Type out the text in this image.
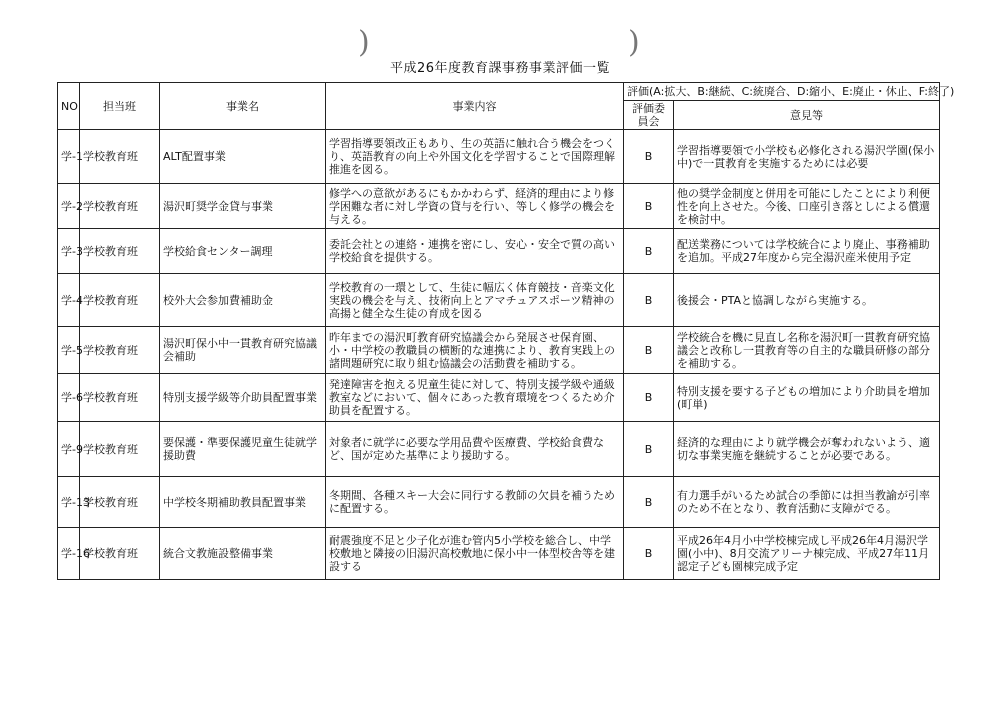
)	)
平成26年度教育課事務事業評価一覧
NO	担当班	事業名	事業内容	評価(A:拡大、B:継続、C:統廃合、D:縮小、E:廃止・休止、F:終了)	
				評価委員会	意見等
学-1	学校教育班	ALT配置事業	学習指導要領改正もあり、生の英語に触れ合う機会をつくり、英語教育の向上や外国文化を学習することで国際理解推進を図る。	B	学習指導要領で小学校も必修化される湯沢学園(保小中)で一貫教育を実施するためには必要
学-2	学校教育班	湯沢町奨学金貸与事業	修学への意欲があるにもかかわらず、経済的理由により修学困難な者に対し学資の貸与を行い、等しく修学の機会を与える。	B	他の奨学金制度と併用を可能にしたことにより利便性を向上させた。今後、口座引き落としによる償還を検討中。
学-3	学校教育班	学校給食センター調理	委託会社との連絡・連携を密にし、安心・安全で質の高い学校給食を提供する。	B	配送業務については学校統合により廃止、事務補助を追加。平成27年度から完全湯沢産米使用予定
学-4	学校教育班	校外大会参加費補助金	学校教育の一環として、生徒に幅広く体育競技・音楽文化実践の機会を与え、技術向上とアマチュアスポーツ精神の高揚と健全な生徒の育成を図る	B	後援会・PTAと協調しながら実施する。
学-5	学校教育班	湯沢町保小中一貫教育研究協議会補助	昨年までの湯沢町教育研究協議会から発展させ保育園、小・中学校の教職員の横断的な連携により、教育実践上の諸問題研究に取り組む協議会の活動費を補助する。	B	学校統合を機に見直し名称を湯沢町一貫教育研究協議会と改称し一貫教育等の自主的な職員研修の部分を補助する。
学-6	学校教育班	特別支援学級等介助員配置事業	発達障害を抱える児童生徒に対して、特別支援学級や通級教室などにおいて、個々にあった教育環境をつくるため介助員を配置する。	B	特別支援を要する子どもの増加により介助員を増加(町単)
学-9	学校教育班	要保護・準要保護児童生徒就学援助費	対象者に就学に必要な学用品費や医療費、学校給食費など、国が定めた基準により援助する。	B	経済的な理由により就学機会が奪われないよう、適切な事業実施を継続することが必要である。
学-13	学校教育班	中学校冬期補助教員配置事業	冬期間、各種スキー大会に同行する教師の欠員を補うために配置する。	B	有力選手がいるため試合の季節には担当教諭が引率のため不在となり、教育活動に支障がでる。
学-16	学校教育班	統合文教施設整備事業	耐震強度不足と少子化が進む管内5小学校を総合し、中学校敷地と隣接の旧湯沢高校敷地に保小中一体型校舎等を建設する	B	平成26年4月小中学校棟完成し平成26年4月湯沢学園(小中)、8月交流アリーナ棟完成、平成27年11月認定子ども園棟完成予定
